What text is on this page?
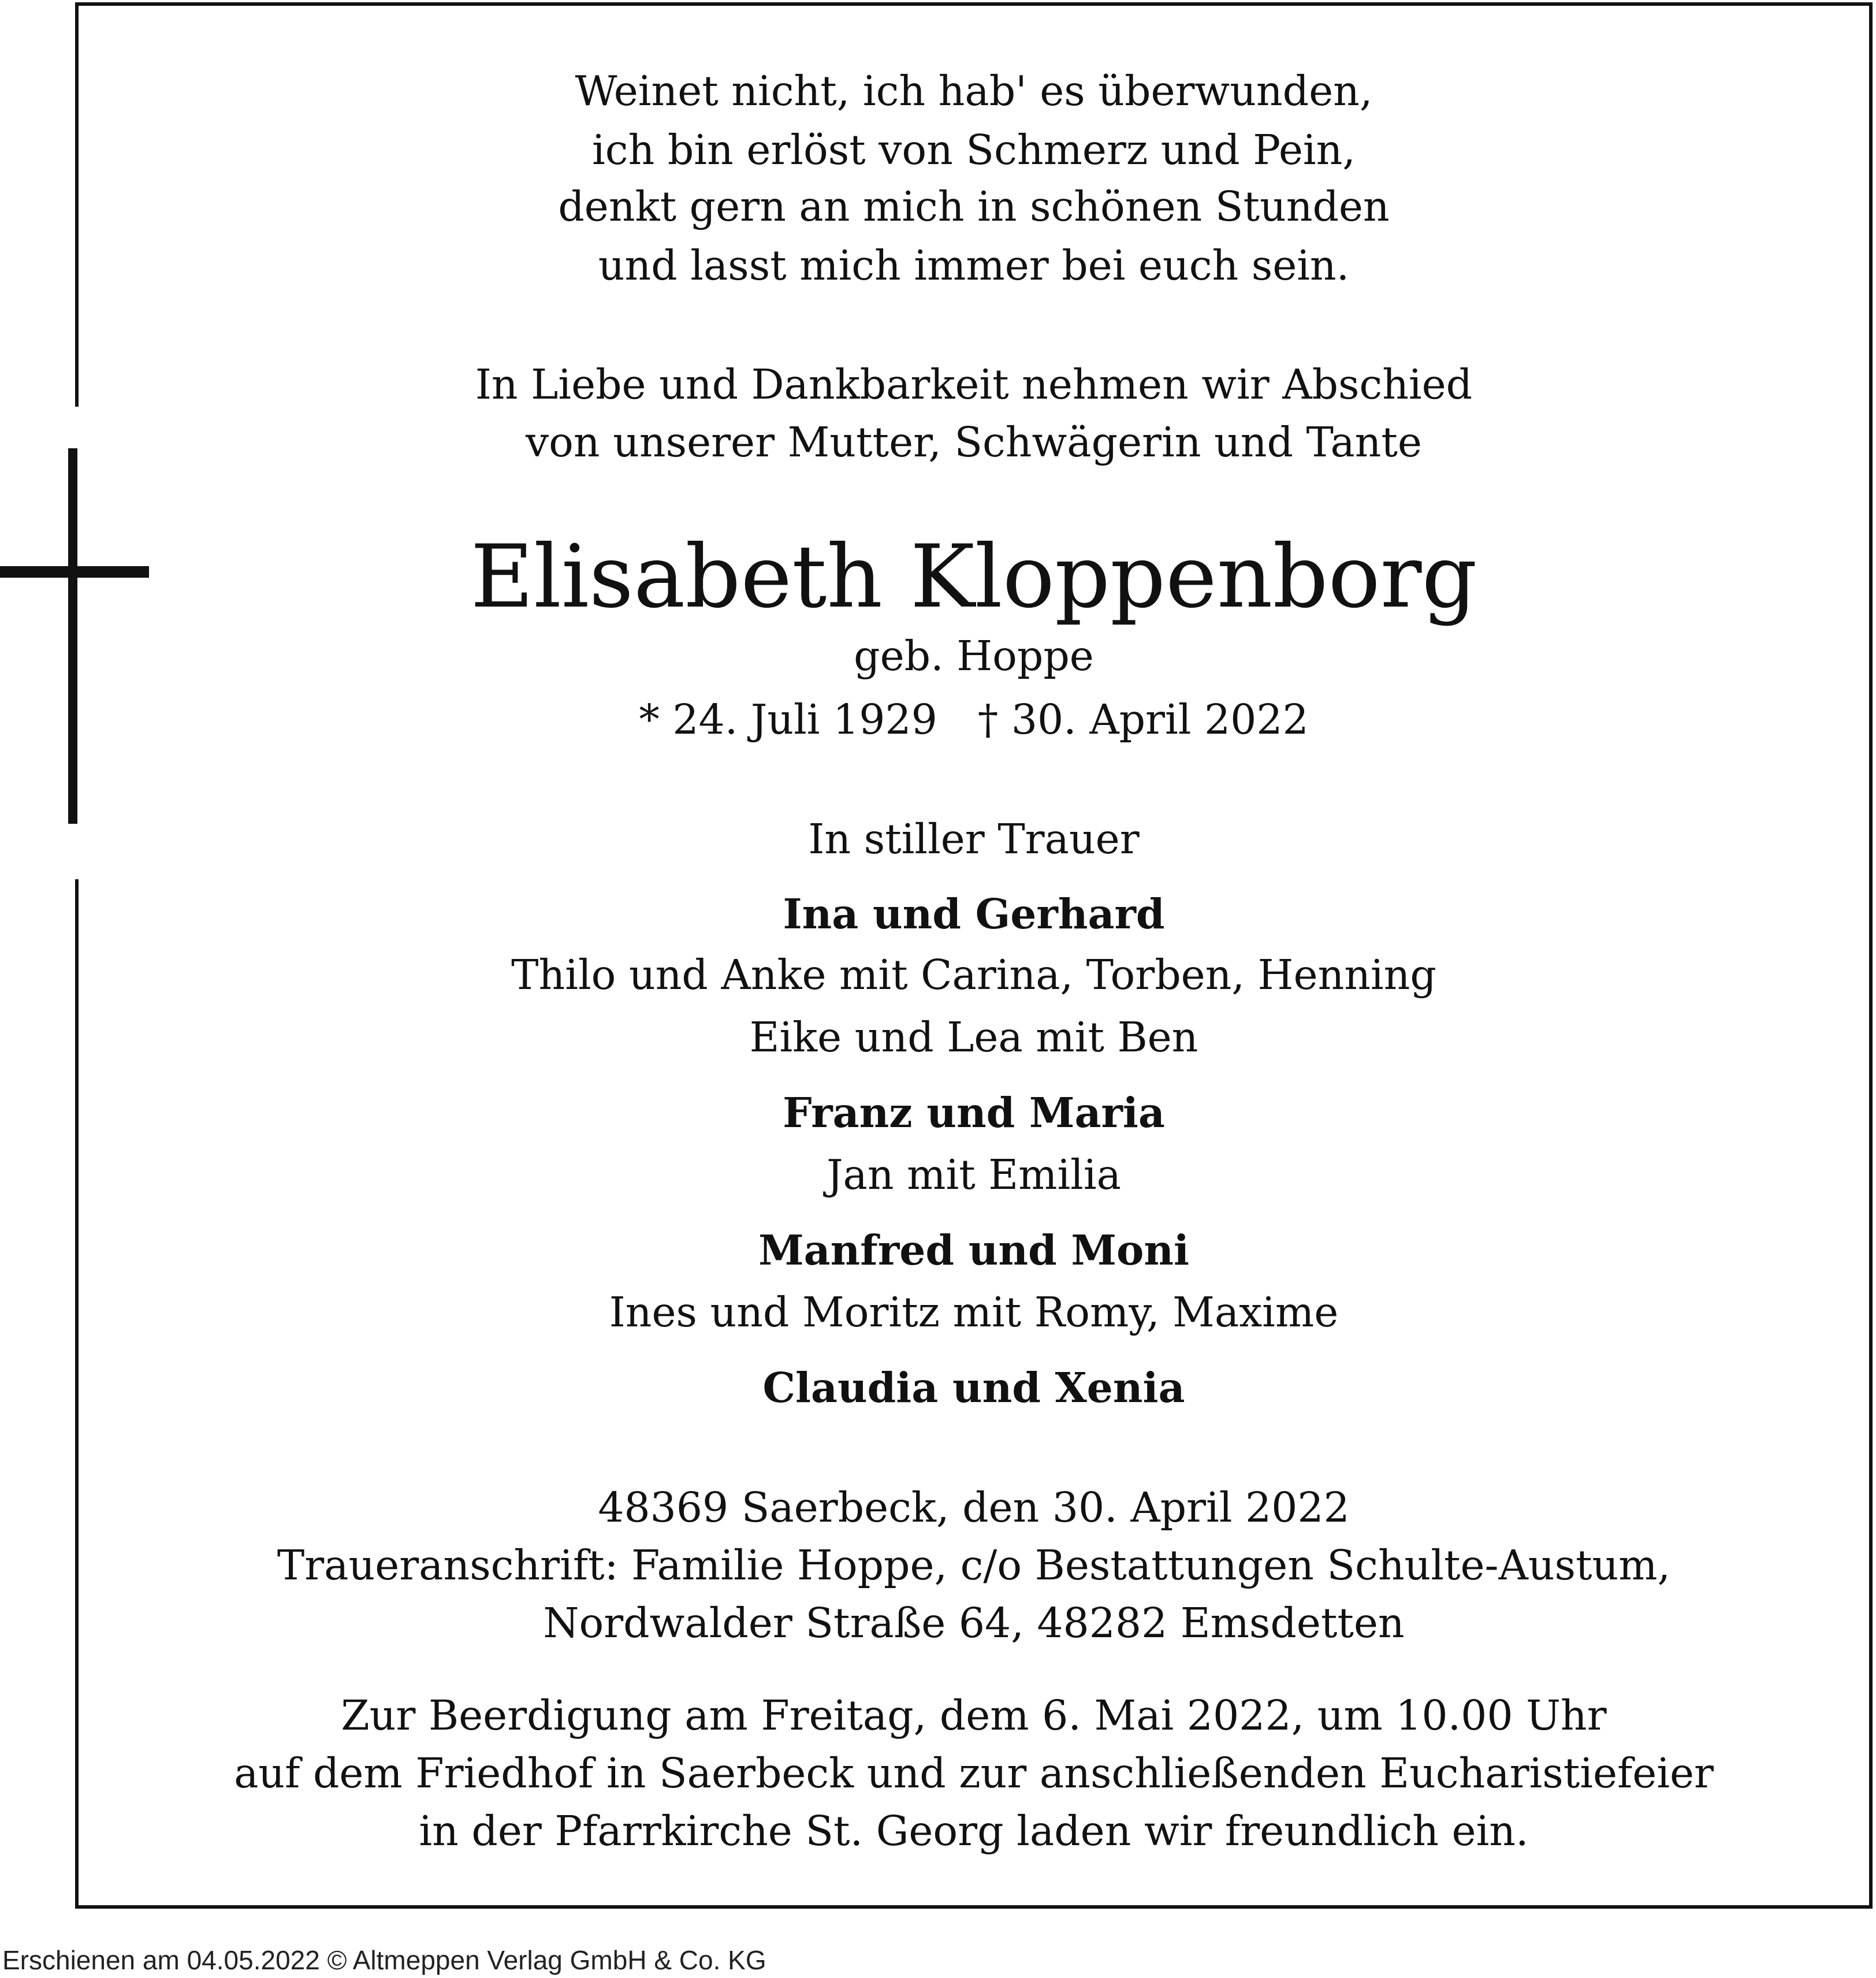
Weinet nicht, ich hab' es überwunden,
ich bin erlöst von Schmerz und Pein,
denkt gern an mich in schönen Stunden
und lasst mich immer bei euch sein.
In Liebe und Dankbarkeit nehmen wir Abschied
von unserer Mutter, Schwägerin und Tante
Elisabeth Kloppenborg
geb. Hoppe
* 24. Juli 1929 † 30. April 2022
In stiller Trauer
Ina und Gerhard
Thilo und Anke mit Carina, Torben, Henning
Eike und Lea mit Ben
Franz und Maria
Jan mit Emilia
Manfred und Moni
Ines und Moritz mit Romy, Maxime
Claudia und Xenia
48369 Saerbeck, den 30. April 2022
Traueranschrift: Familie Hoppe, c/o Bestattungen Schulte-Austum,
Nordwalder Straße 64, 48282 Emsdetten
Zur Beerdigung am Freitag, dem 6. Mai 2022, um 10.00 Uhr
auf dem Friedhof in Saerbeck und zur anschließenden Eucharistiefeier
in der Pfarrkirche St. Georg laden wir freundlich ein.
Erschienen am 04.05.2022 © Altmeppen Verlag GmbH & Co. KG
